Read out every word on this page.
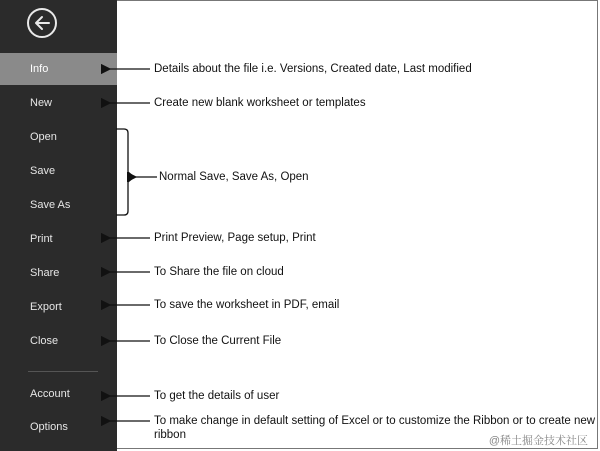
Info
New
Open
Save
Save As
Print
Share
Export
Close
Account
Options
Details about the file i.e. Versions, Created date, Last modified
Create new blank worksheet or templates
Normal Save, Save As, Open
Print Preview, Page setup, Print
To Share the file on cloud
To save the worksheet in PDF, email
To Close the Current File
To get the details of user
To make change in default setting of Excel or to customize the Ribbon or to create new ribbon	@稀土掘金技术社区
